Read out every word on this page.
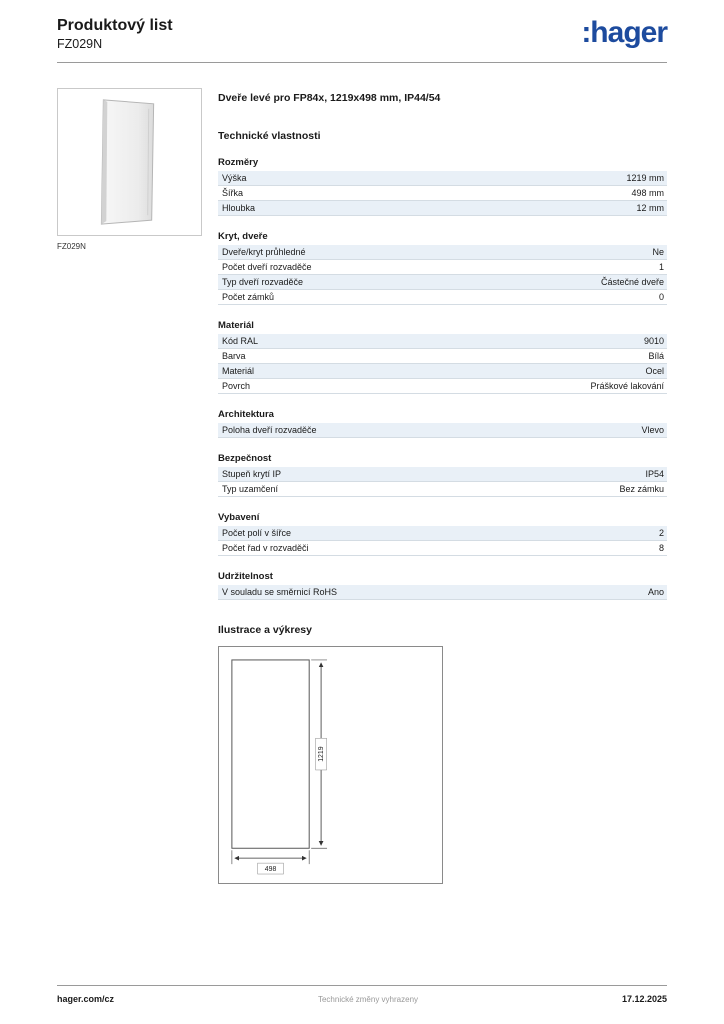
Produktový list
FZ029N	:hager
FZ029N
Dveře levé pro FP84x, 1219x498 mm, IP44/54
Technické vlastnosti
Rozměry
Výška	1219 mm
Šířka	498 mm
Hloubka	12 mm
Kryt, dveře
Dveře/kryt průhledné	Ne
Počet dveří rozvaděče	1
Typ dveří rozvaděče	Částečné dveře
Počet zámků	0
Materiál
Kód RAL	9010
Barva	Bílá
Materiál	Ocel
Povrch	Práškové lakování
Architektura
Poloha dveří rozvaděče	Vlevo
Bezpečnost
Stupeň krytí IP	IP54
Typ uzamčení	Bez zámku
Vybavení
Počet polí v šířce	2
Počet řad v rozvaděči	8
Udržitelnost
V souladu se směrnicí RoHS	Ano
Ilustrace a výkresy
1219
498
hager.com/cz	Technické změny vyhrazeny	17.12.2025
